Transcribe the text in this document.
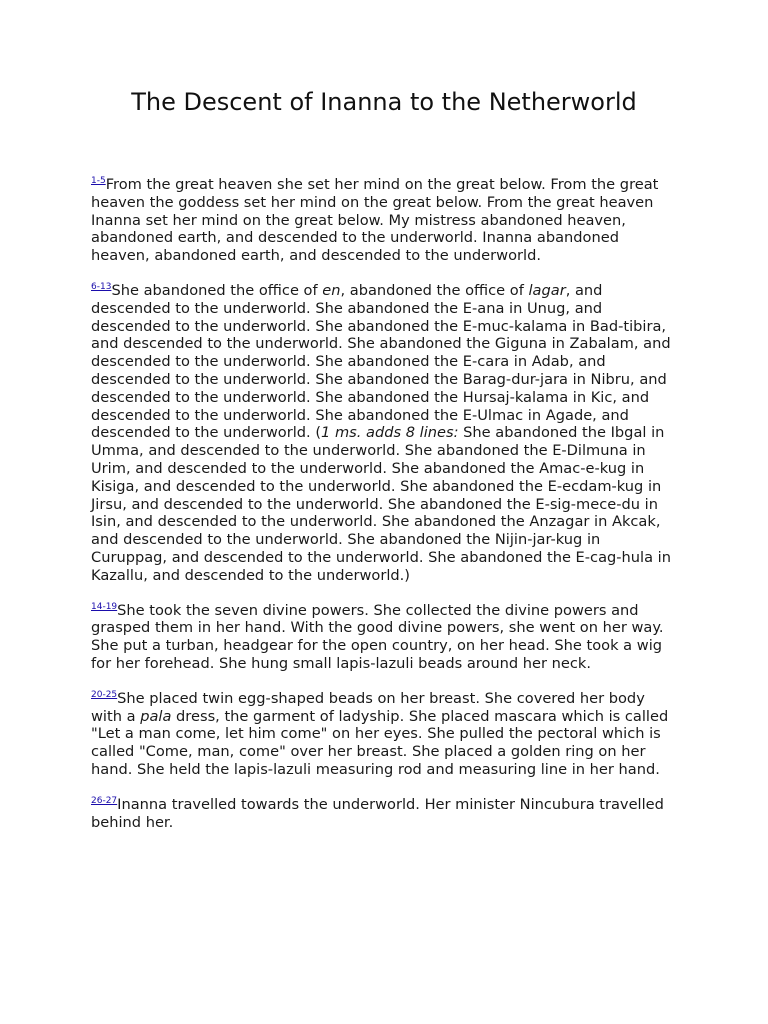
The Descent of Inanna to the Netherworld

$^{1-5}$From the great heaven she set her mind on the great below. From the great heaven the goddess set her mind on the great below. From the great heaven Inanna set her mind on the great below. My mistress abandoned heaven, abandoned earth, and descended to the underworld. Inanna abandoned heaven, abandoned earth, and descended to the underworld.

$^{6-13}$She abandoned the office of en, abandoned the office of lagar, and descended to the underworld. She abandoned the E-ana in Unug, and descended to the underworld. She abandoned the E-muc-kalama in Bad-tibira, and descended to the underworld. She abandoned the Giguna in Zabalam, and descended to the underworld. She abandoned the E-cara in Adab, and descended to the underworld. She abandoned the Barag-dur-jara in Nibru, and descended to the underworld. She abandoned the Hursaj-kalama in Kic, and descended to the underworld. She abandoned the E-Ulmac in Agade, and descended to the underworld. (1 ms. adds 8 lines: She abandoned the Ibgal in Umma, and descended to the underworld. She abandoned the E-Dilmuna in Urim, and descended to the underworld. She abandoned the Amac-e-kug in Kisiga, and descended to the underworld. She abandoned the E-ecdam-kug in Jirsu, and descended to the underworld. She abandoned the E-sig-mece-du in Isin, and descended to the underworld. She abandoned the Anzagar in Akcak, and descended to the underworld. She abandoned the Nijin-jar-kug in Curuppag, and descended to the underworld. She abandoned the E-cag-hula in Kazallu, and descended to the underworld.)

$^{14-19}$She took the seven divine powers. She collected the divine powers and grasped them in her hand. With the good divine powers, she went on her way. She put a turban, headgear for the open country, on her head. She took a wig for her forehead. She hung small lapis-lazuli beads around her neck.

$^{20-25}$She placed twin egg-shaped beads on her breast. She covered her body with a pala dress, the garment of ladyship. She placed mascara which is called "Let a man come, let him come" on her eyes. She pulled the pectoral which is called "Come, man, come" over her breast. She placed a golden ring on her hand. She held the lapis-lazuli measuring rod and measuring line in her hand.

$^{26-27}$Inanna travelled towards the underworld. Her minister Nincubura travelled behind her.
